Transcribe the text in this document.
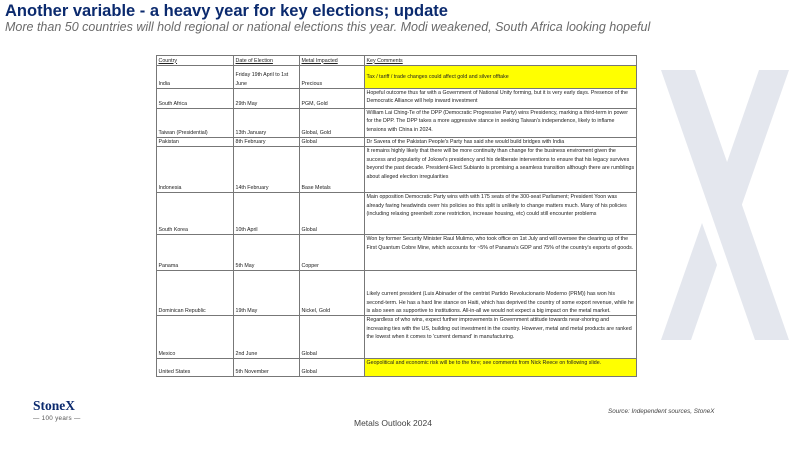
Another variable - a heavy year for key elections; update
More than 50 countries will hold regional or national elections this year. Modi weakened, South Africa looking hopeful
Country	Date of Election	Metal Impacted	Key Comments
India	Friday 19th April to 1st June	Precious	Tax / tariff / trade changes could affect gold and silver offtake
South Africa	29th May	PGM, Gold	Hopeful outcome thus far with a Government of National Unity forming, but it is very early days. Presence of the Democratic Alliance will help inward investment
Taiwan (Presidential)	13th January	Global, Gold	William Lai Ching-Te of the DPP (Democratic Progressive Party) wins Presidency, marking a third-term in power for the DPP. The DPP takes a more aggressive stance in seeking Taiwan's independence, likely to inflame tensions with China in 2024.
Pakistan	8th February	Global	Dr Savera of the Pakistan People's Party has said she would build bridges with India
Indonesia	14th February	Base Metals	It remains highly likely that there will be more continuity than change for the business enviroment given the success and popularity of Jokowi's presidency and his deliberate interventions to ensure that his legacy survives beyond the past decade. President-Elect Subianto is promising a seamless transition although there are rumblings about alleged election irregularities
South Korea	10th April	Global	Main opposition Democratic Party wins with with 175 seats of the 300-seat Parliament; President Yoon was already faving headwinds overr his policies so this split is unlikely to change matters much. Many of his policies (including relaxing greenbelt zone restriction, increase housing, etc) could still encounter problems
Panama	5th May	Copper	Won by former Security Minister Raul Mulimo, who took office on 1st July and will oversee the clearing up of the First Quantum Cobre Mine, which accounts for ~5% of Panama's GDP and 75% of the country's exports of goods.
Dominican Republic	19th May	Nickel, Gold	Likely current president (Luis Abinader of the centrist Partido Revolucionario Moderno (PRM)) has won his second-term. He has a hard line stance on Haiti, which has deprived the country of some export revenue, while he is also seen as supportive to institutions. All-in-all we would not expect a big impact on the metal market.
Mexico	2nd June	Global	Regardless of who wins, expect further improvements in Government attitude towards near-shoring and increasing ties with the US, building out investment in the country. However, metal and metal products are ranked the lowest when it comes to 'current demand' in manufacturing.
United States	5th November	Global	Geopolitical and economic risk will be to the fore; see comments from Nick Reece on following slide.
Source: Independent sources, StoneX
Metals Outlook 2024
StoneX
— 100 years —
